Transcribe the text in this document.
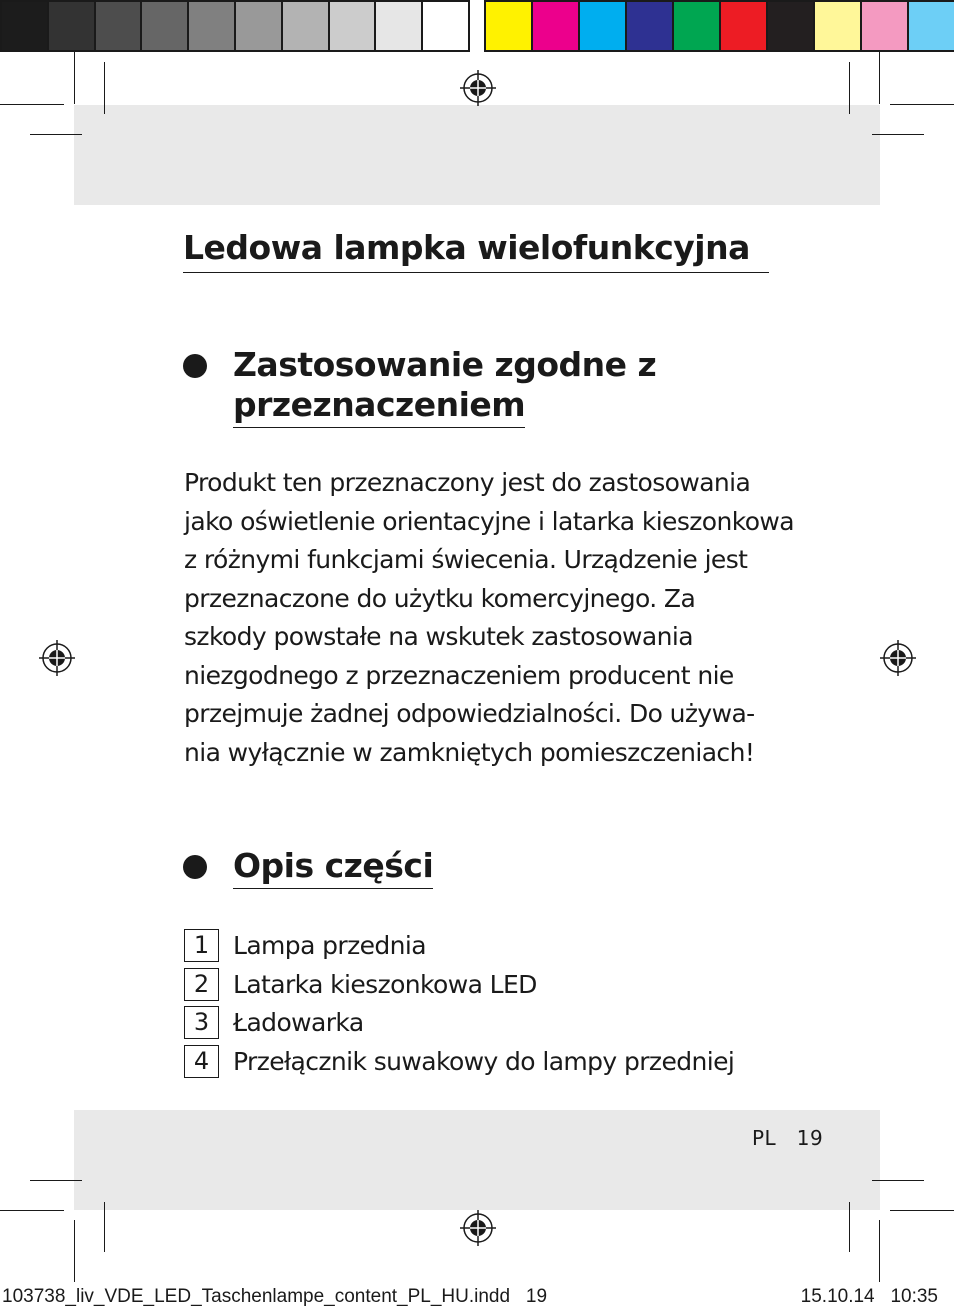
Ledowa lampka wielofunkcyjna
Zastosowanie zgodne z
przeznaczeniem

Produkt ten przeznaczony jest do zastosowania
jako oświetlenie orientacyjne i latarka kieszonkowa
z różnymi funkcjami świecenia. Urządzenie jest
przeznaczone do użytku komercyjnego. Za
szkody powstałe na wskutek zastosowania
niezgodnego z przeznaczeniem producent nie
przejmuje żadnej odpowiedzialności. Do używa-
nia wyłącznie w zamkniętych pomieszczeniach!

Opis części
1 Lampa przednia
2 Latarka kieszonkowa LED
3 Ładowarka
4 Przełącznik suwakowy do lampy przedniej
PL   19
103738_liv_VDE_LED_Taschenlampe_content_PL_HU.indd   19	15.10.14   10:35
